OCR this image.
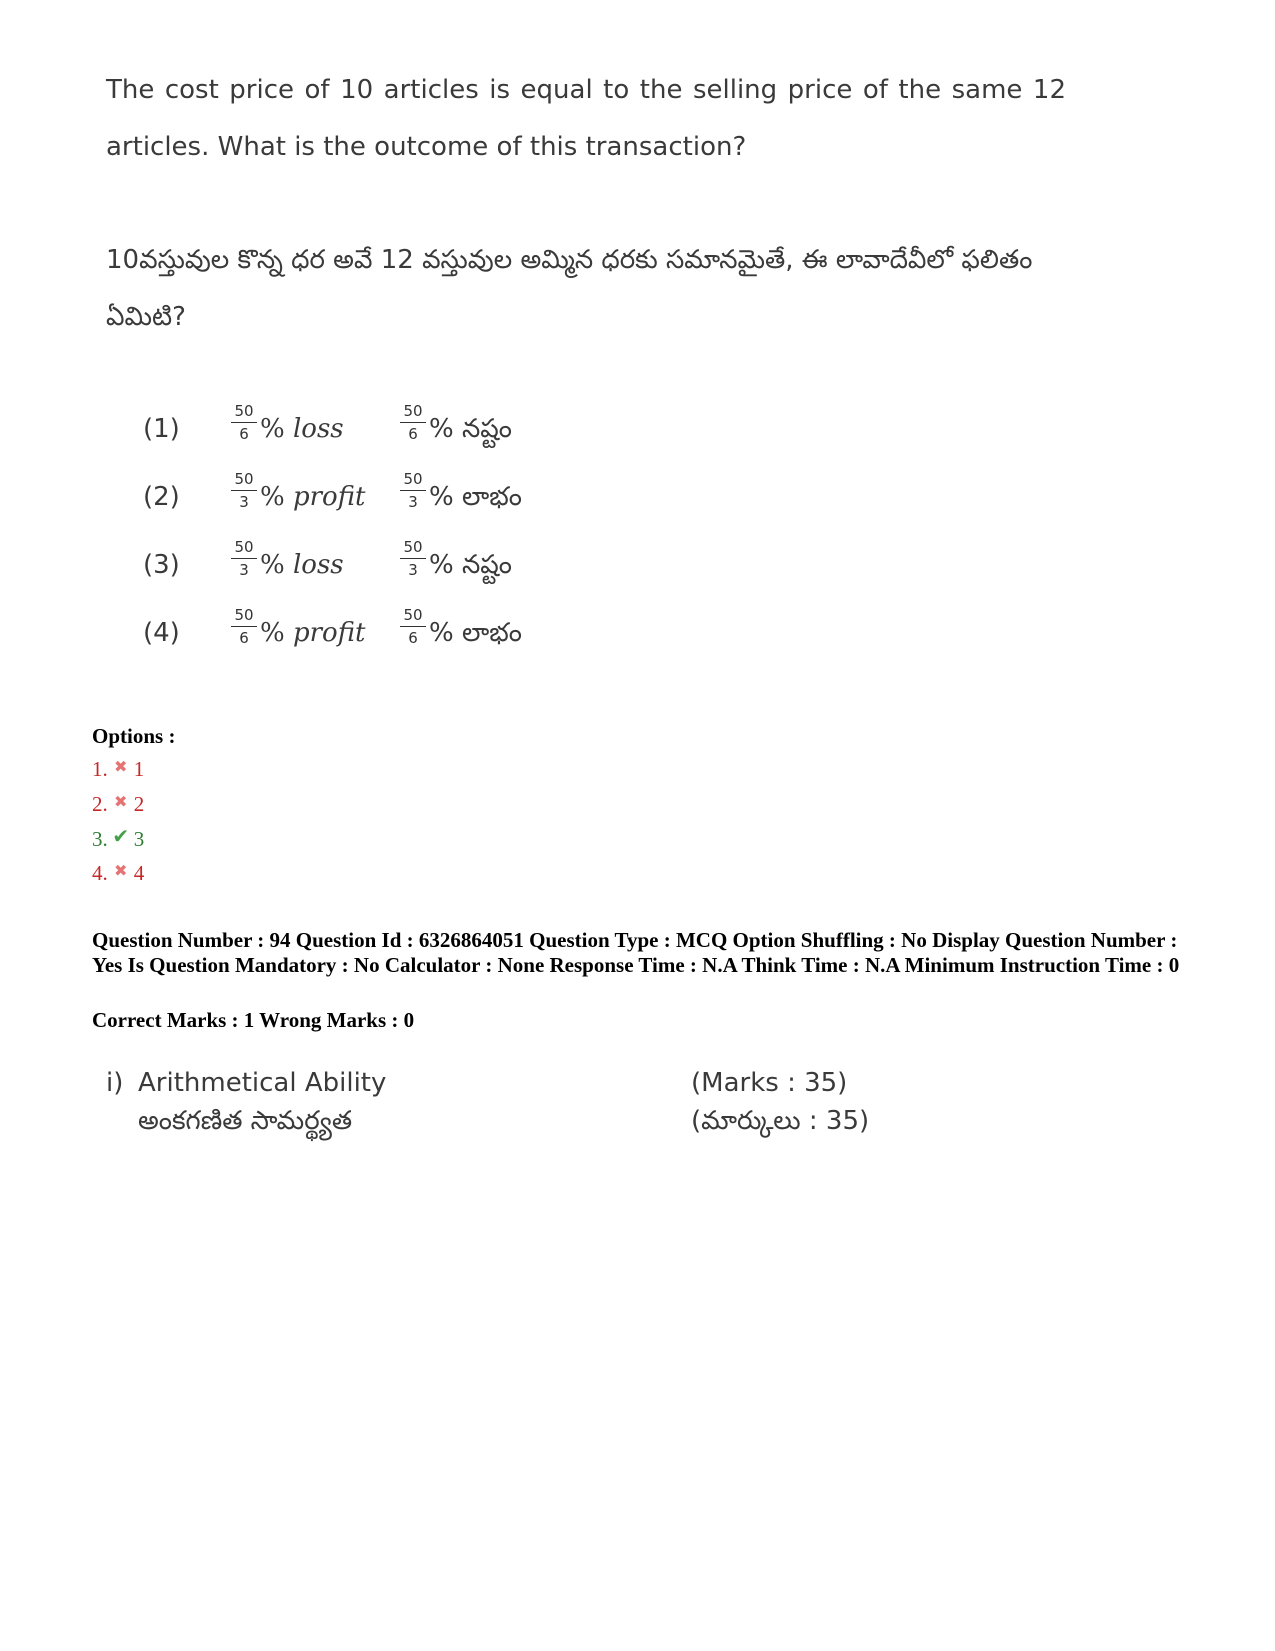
The cost price of 10 articles is equal to the selling price of the same 12 articles. What is the outcome of this transaction?
10వస్తువుల కొన్న ధర అవే 12 వస్తువుల అమ్మిన ధరకు సమానమైతే, ఈ లావాదేవీలో ఫలితం ఏమిటి?
(1)	$\frac{50}{6}$ % loss	$\frac{50}{6}$ % నష్టం
(2)	$\frac{50}{3}$ % profit $\frac{50}{3}$ % లాభం
(3)	$\frac{50}{3}$ % loss	$\frac{50}{3}$ % నష్టం
(4)	$\frac{50}{6}$ % profit $\frac{50}{6}$ % లాభం
Options :
1. ✖ 1
2. ✖ 2
3. ✔ 3
4. ✖ 4
Question Number : 94 Question Id : 6326864051 Question Type : MCQ Option Shuffling : No Display Question Number : Yes Is Question Mandatory : No Calculator : None Response Time : N.A Think Time : N.A Minimum Instruction Time : 0
Correct Marks : 1 Wrong Marks : 0
i) Arithmetical Ability
అంకగణిత సామర్థ్యత
(Marks : 35)
(మార్కులు : 35)
